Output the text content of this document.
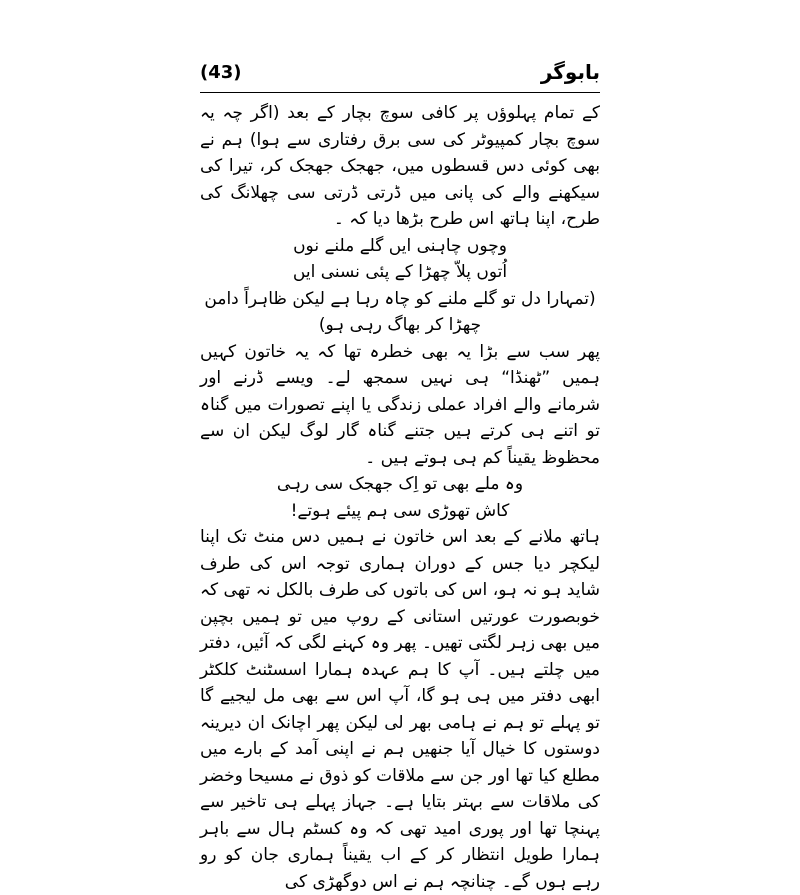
(43)	بابوگر

کے تمام پہلوؤں پر کافی سوچ بچار کے بعد (اگر چہ یہ سوچ بچار کمپیوٹر کی سی برق رفتاری سے ہوا) ہم نے بھی کوئی دس قسطوں میں، جھجک جھجک کر، تیرا کی سیکھنے والے کی پانی میں ڈرتی ڈرتی سی چھلانگ کی طرح، اپنا ہاتھ اس طرح بڑھا دیا کہ ۔

وچوں چاہنی ایں گلے ملنے نوں

اُتوں پلاّ چھڑا کے پئی نسنی ایں

(تمہارا دل تو گلے ملنے کو چاہ رہا ہے لیکن ظاہراً دامن چھڑا کر بھاگ رہی ہو)

پھر سب سے بڑا یہ بھی خطرہ تھا کہ یہ خاتون کہیں ہمیں ”ٹھنڈا“ ہی نہیں سمجھ لے۔ ویسے ڈرنے اور شرمانے والے افراد عملی زندگی یا اپنے تصورات میں گناہ تو اتنے ہی کرتے ہیں جتنے گناہ گار لوگ لیکن ان سے محظوظ یقیناً کم ہی ہوتے ہیں ۔

وہ ملے بھی تو اِک جھجک سی رہی

کاش تھوڑی سی ہم پیئے ہوتے!

ہاتھ ملانے کے بعد اس خاتون نے ہمیں دس منٹ تک اپنا لیکچر دیا جس کے دوران ہماری توجہ اس کی طرف شاید ہو نہ ہو، اس کی باتوں کی طرف بالکل نہ تھی کہ خوبصورت عورتیں استانی کے روپ میں تو ہمیں بچپن میں بھی زہر لگتی تھیں۔ پھر وہ کہنے لگی کہ آئیں، دفتر میں چلتے ہیں۔ آپ کا ہم عہدہ ہمارا اسسٹنٹ کلکٹر ابھی دفتر میں ہی ہو گا، آپ اس سے بھی مل لیجیے گا تو پہلے تو ہم نے ہامی بھر لی لیکن پھر اچانک ان دیرینہ دوستوں کا خیال آیا جنھیں ہم نے اپنی آمد کے بارے میں مطلع کیا تھا اور جن سے ملاقات کو ذوق نے مسیحا وخضر کی ملاقات سے بہتر بتایا ہے۔ جہاز پہلے ہی تاخیر سے پہنچا تھا اور پوری امید تھی کہ وہ کسٹم ہال سے باہر ہمارا طویل انتظار کر کے اب یقیناً ہماری جان کو رو رہے ہوں گے۔ چنانچہ ہم نے اس دوگھڑی کی
